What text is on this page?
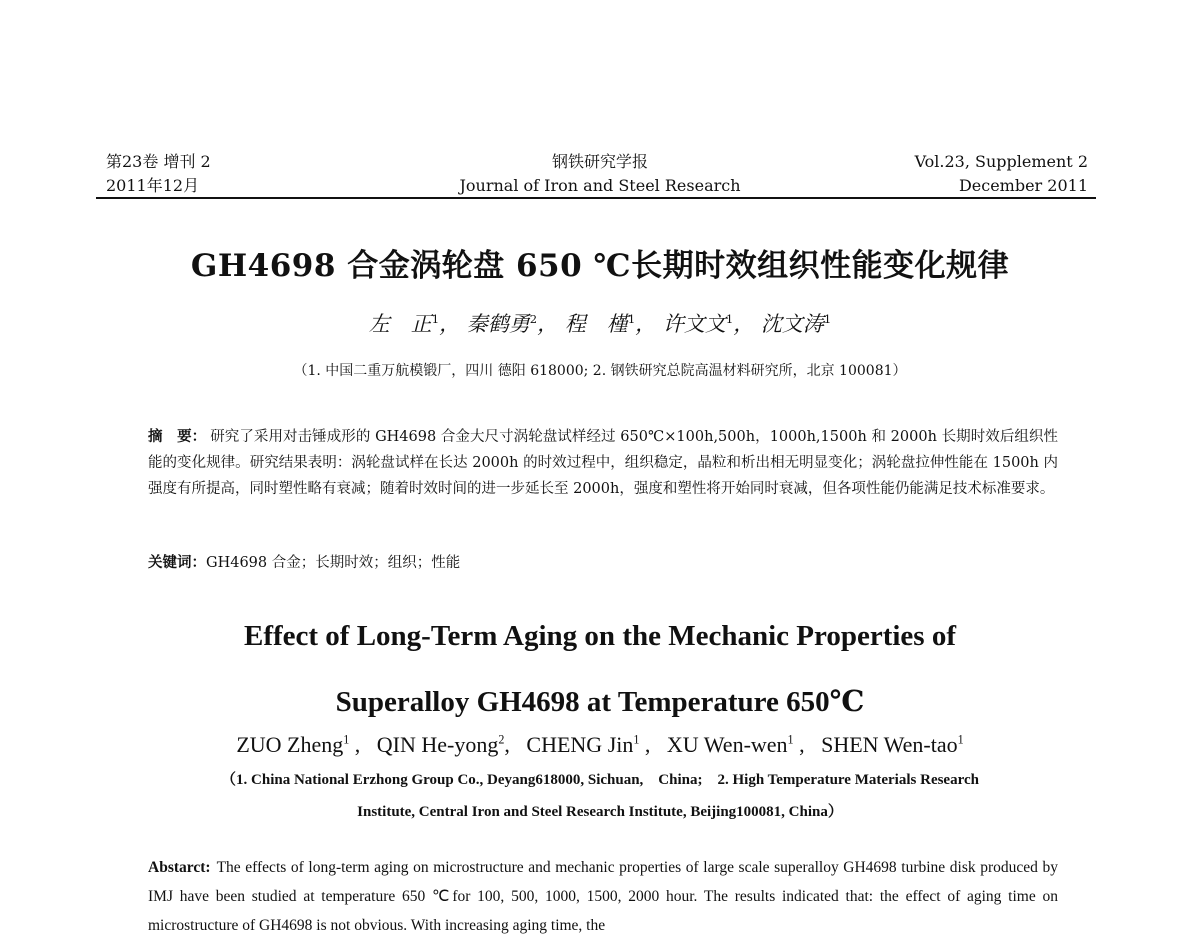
第23卷 增刊 2
2011年12月
钢铁研究学报
Journal of Iron and Steel Research
Vol.23, Supplement 2
December 2011
GH4698 合金涡轮盘 650 ℃长期时效组织性能变化规律
左　正$^1$， 秦鹤勇$^2$， 程　槿$^1$， 许文文$^1$， 沈文涛$^1$
（1. 中国二重万航模锻厂，四川 德阳 618000; 2. 钢铁研究总院高温材料研究所，北京 100081）
摘　要： 研究了采用对击锤成形的 GH4698 合金大尺寸涡轮盘试样经过 650℃×100h,500h，1000h,1500h 和 2000h 长期时效后组织性能的变化规律。研究结果表明：涡轮盘试样在长达 2000h 的时效过程中，组织稳定，晶粒和析出相无明显变化；涡轮盘拉伸性能在 1500h 内强度有所提高，同时塑性略有衰减；随着时效时间的进一步延长至 2000h，强度和塑性将开始同时衰减，但各项性能仍能满足技术标准要求。
关键词：GH4698 合金；长期时效；组织；性能
Effect of Long-Term Aging on the Mechanic Properties of
Superalloy GH4698 at Temperature 650℃
ZUO Zheng$^1$ ,   QIN He-yong$^2$,   CHENG Jin$^1$ ,   XU Wen-wen$^1$ ,   SHEN Wen-tao$^1$
（1. China National Erzhong Group Co., Deyang618000, Sichuan,　China;　2. High Temperature Materials Research
Institute, Central Iron and Steel Research Institute, Beijing100081, China）
Abstarct: The effects of long-term aging on microstructure and mechanic properties of large scale superalloy GH4698 turbine disk produced by IMJ have been studied at temperature 650 ℃for 100, 500, 1000, 1500, 2000 hour. The results indicated that: the effect of aging time on microstructure of GH4698 is not obvious. With increasing aging time, the
